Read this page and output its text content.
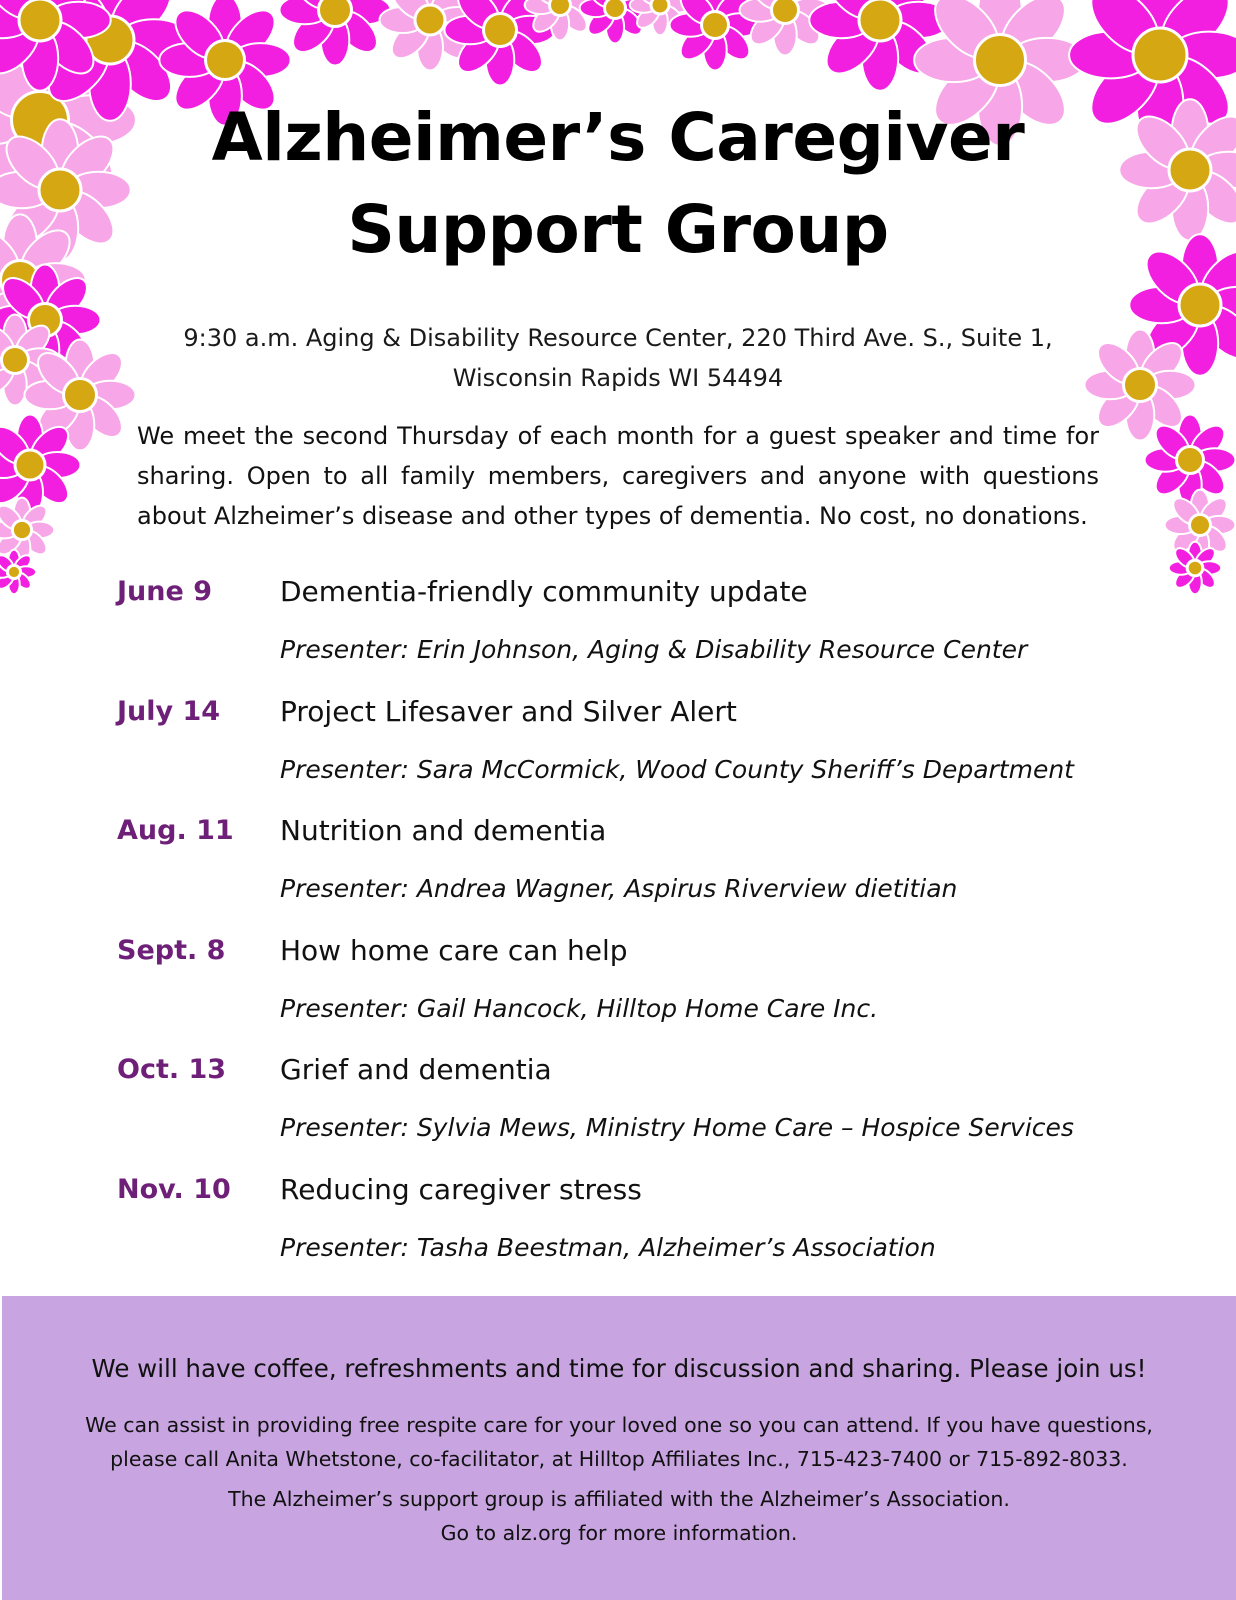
Alzheimer’s Caregiver
Support Group
9:30 a.m. Aging & Disability Resource Center, 220 Third Ave. S., Suite 1,
Wisconsin Rapids WI 54494
We meet the second Thursday of each month for a guest speaker and time for sharing. Open to all family members, caregivers and anyone with questions about Alzheimer’s disease and other types of dementia. No cost, no donations.
June 9 Dementia-friendly community update
Presenter: Erin Johnson, Aging & Disability Resource Center
July 14 Project Lifesaver and Silver Alert
Presenter: Sara McCormick, Wood County Sheriff’s Department
Aug. 11 Nutrition and dementia
Presenter: Andrea Wagner, Aspirus Riverview dietitian
Sept. 8 How home care can help
Presenter: Gail Hancock, Hilltop Home Care Inc.
Oct. 13 Grief and dementia
Presenter: Sylvia Mews, Ministry Home Care – Hospice Services
Nov. 10 Reducing caregiver stress
Presenter: Tasha Beestman, Alzheimer’s Association
We will have coffee, refreshments and time for discussion and sharing. Please join us!
We can assist in providing free respite care for your loved one so you can attend. If you have questions,
please call Anita Whetstone, co-facilitator, at Hilltop Affiliates Inc., 715-423-7400 or 715-892-8033.
The Alzheimer’s support group is affiliated with the Alzheimer’s Association.
Go to alz.org for more information.
